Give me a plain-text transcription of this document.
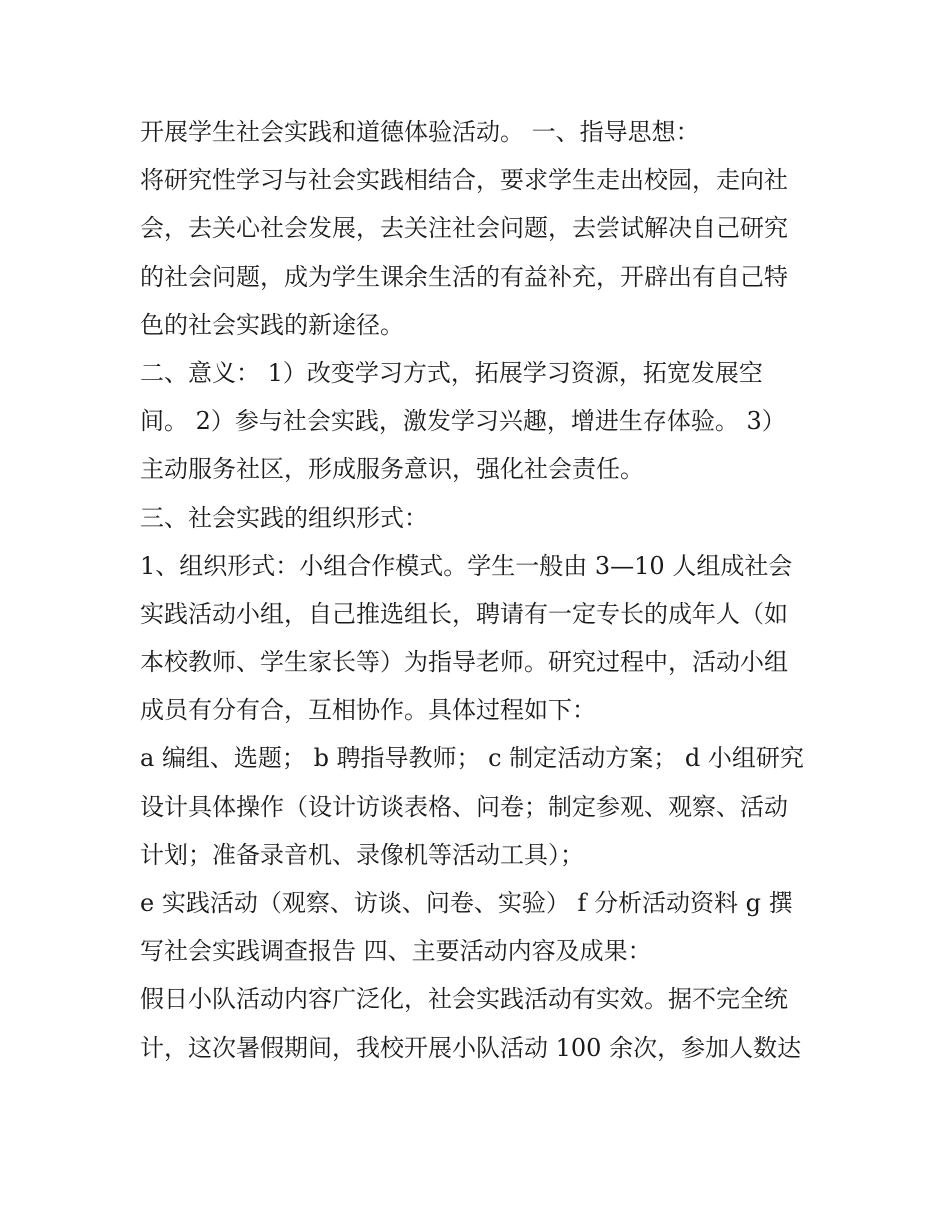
开展学生社会实践和道德体验活动。 一、指导思想：
将研究性学习与社会实践相结合，要求学生走出校园，走向社
会，去关心社会发展，去关注社会问题，去尝试解决自己研究
的社会问题，成为学生课余生活的有益补充，开辟出有自己特
色的社会实践的新途径。
二、意义： 1）改变学习方式，拓展学习资源，拓宽发展空
间。 2）参与社会实践，激发学习兴趣，增进生存体验。 3）
主动服务社区，形成服务意识，强化社会责任。
三、社会实践的组织形式：
1、组织形式：小组合作模式。学生一般由 3—10 人组成社会
实践活动小组，自己推选组长，聘请有一定专长的成年人（如
本校教师、学生家长等）为指导老师。研究过程中，活动小组
成员有分有合，互相协作。具体过程如下：
a 编组、选题； b 聘指导教师； c 制定活动方案； d 小组研究
设计具体操作（设计访谈表格、问卷；制定参观、观察、活动
计划；准备录音机、录像机等活动工具）；
e 实践活动（观察、访谈、问卷、实验） f 分析活动资料 g 撰
写社会实践调查报告 四、主要活动内容及成果：
假日小队活动内容广泛化，社会实践活动有实效。据不完全统
计，这次暑假期间，我校开展小队活动 100 余次，参加人数达
